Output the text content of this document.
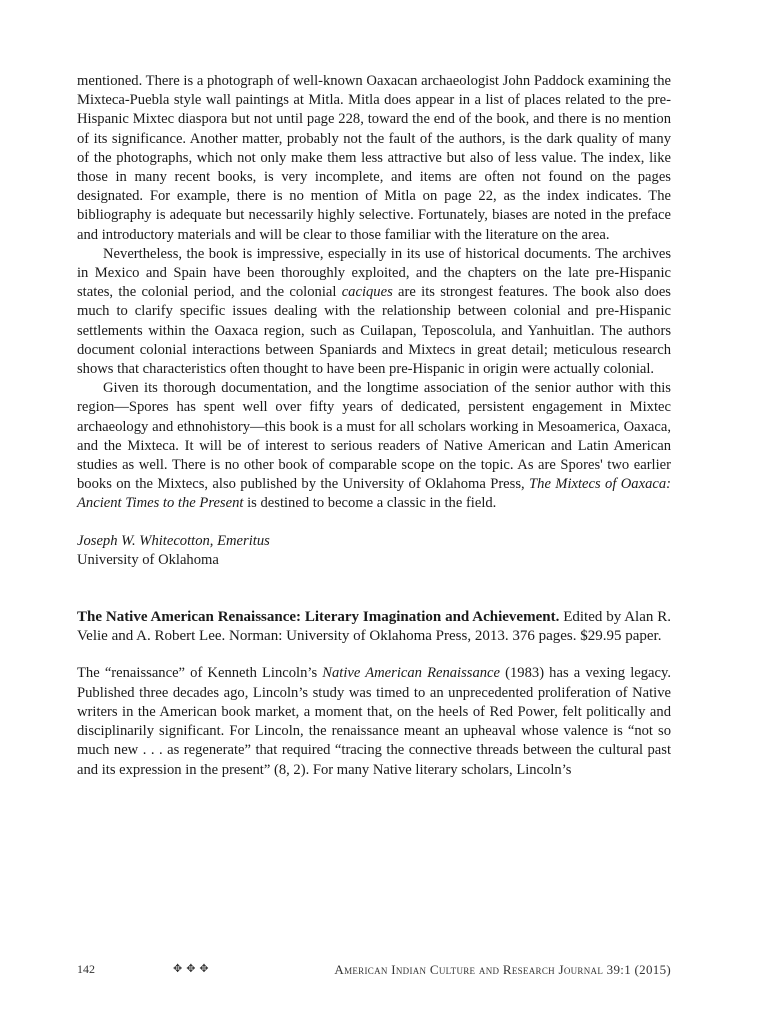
mentioned. There is a photograph of well-known Oaxacan archaeologist John Paddock examining the Mixteca-Puebla style wall paintings at Mitla. Mitla does appear in a list of places related to the pre-Hispanic Mixtec diaspora but not until page 228, toward the end of the book, and there is no mention of its significance. Another matter, probably not the fault of the authors, is the dark quality of many of the photographs, which not only make them less attractive but also of less value. The index, like those in many recent books, is very incomplete, and items are often not found on the pages designated. For example, there is no mention of Mitla on page 22, as the index indicates. The bibliography is adequate but necessarily highly selective. Fortunately, biases are noted in the preface and introductory materials and will be clear to those familiar with the literature on the area.

Nevertheless, the book is impressive, especially in its use of historical documents. The archives in Mexico and Spain have been thoroughly exploited, and the chapters on the late pre-Hispanic states, the colonial period, and the colonial caciques are its strongest features. The book also does much to clarify specific issues dealing with the relationship between colonial and pre-Hispanic settlements within the Oaxaca region, such as Cuilapan, Teposcolula, and Yanhuitlan. The authors document colonial interactions between Spaniards and Mixtecs in great detail; meticulous research shows that characteristics often thought to have been pre-Hispanic in origin were actually colonial.

Given its thorough documentation, and the longtime association of the senior author with this region—Spores has spent well over fifty years of dedicated, persistent engagement in Mixtec archaeology and ethnohistory—this book is a must for all scholars working in Mesoamerica, Oaxaca, and the Mixteca. It will be of interest to serious readers of Native American and Latin American studies as well. There is no other book of comparable scope on the topic. As are Spores' two earlier books on the Mixtecs, also published by the University of Oklahoma Press, The Mixtecs of Oaxaca: Ancient Times to the Present is destined to become a classic in the field.

Joseph W. Whitecotton, Emeritus

University of Oklahoma

The Native American Renaissance: Literary Imagination and Achievement. Edited by Alan R. Velie and A. Robert Lee. Norman: University of Oklahoma Press, 2013. 376 pages. $29.95 paper.

The “renaissance” of Kenneth Lincoln’s Native American Renaissance (1983) has a vexing legacy. Published three decades ago, Lincoln’s study was timed to an unprecedented proliferation of Native writers in the American book market, a moment that, on the heels of Red Power, felt politically and disciplinarily significant. For Lincoln, the renaissance meant an upheaval whose valence is “not so much new . . . as regenerate” that required “tracing the connective threads between the cultural past and its expression in the present” (8, 2). For many Native literary scholars, Lincoln’s

142	✥✥✥	American Indian Culture and Research Journal 39:1 (2015)
